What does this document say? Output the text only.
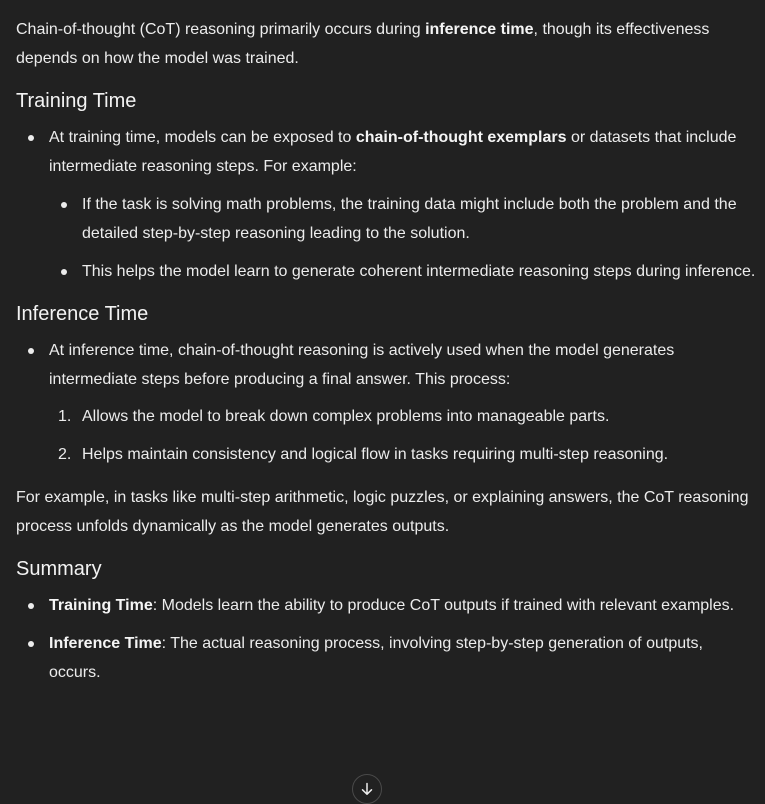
Chain-of-thought (CoT) reasoning primarily occurs during inference time, though its effectiveness depends on how the model was trained.

Training Time
At training time, models can be exposed to chain-of-thought exemplars or datasets that include intermediate reasoning steps. For example:
If the task is solving math problems, the training data might include both the problem and the detailed step-by-step reasoning leading to the solution.
This helps the model learn to generate coherent intermediate reasoning steps during inference.
Inference Time
At inference time, chain-of-thought reasoning is actively used when the model generates intermediate steps before producing a final answer. This process:
1. Allows the model to break down complex problems into manageable parts.
2. Helps maintain consistency and logical flow in tasks requiring multi-step reasoning.

For example, in tasks like multi-step arithmetic, logic puzzles, or explaining answers, the CoT reasoning process unfolds dynamically as the model generates outputs.

Summary
Training Time: Models learn the ability to produce CoT outputs if trained with relevant examples.
Inference Time: The actual reasoning process, involving step-by-step generation of outputs, occurs.
